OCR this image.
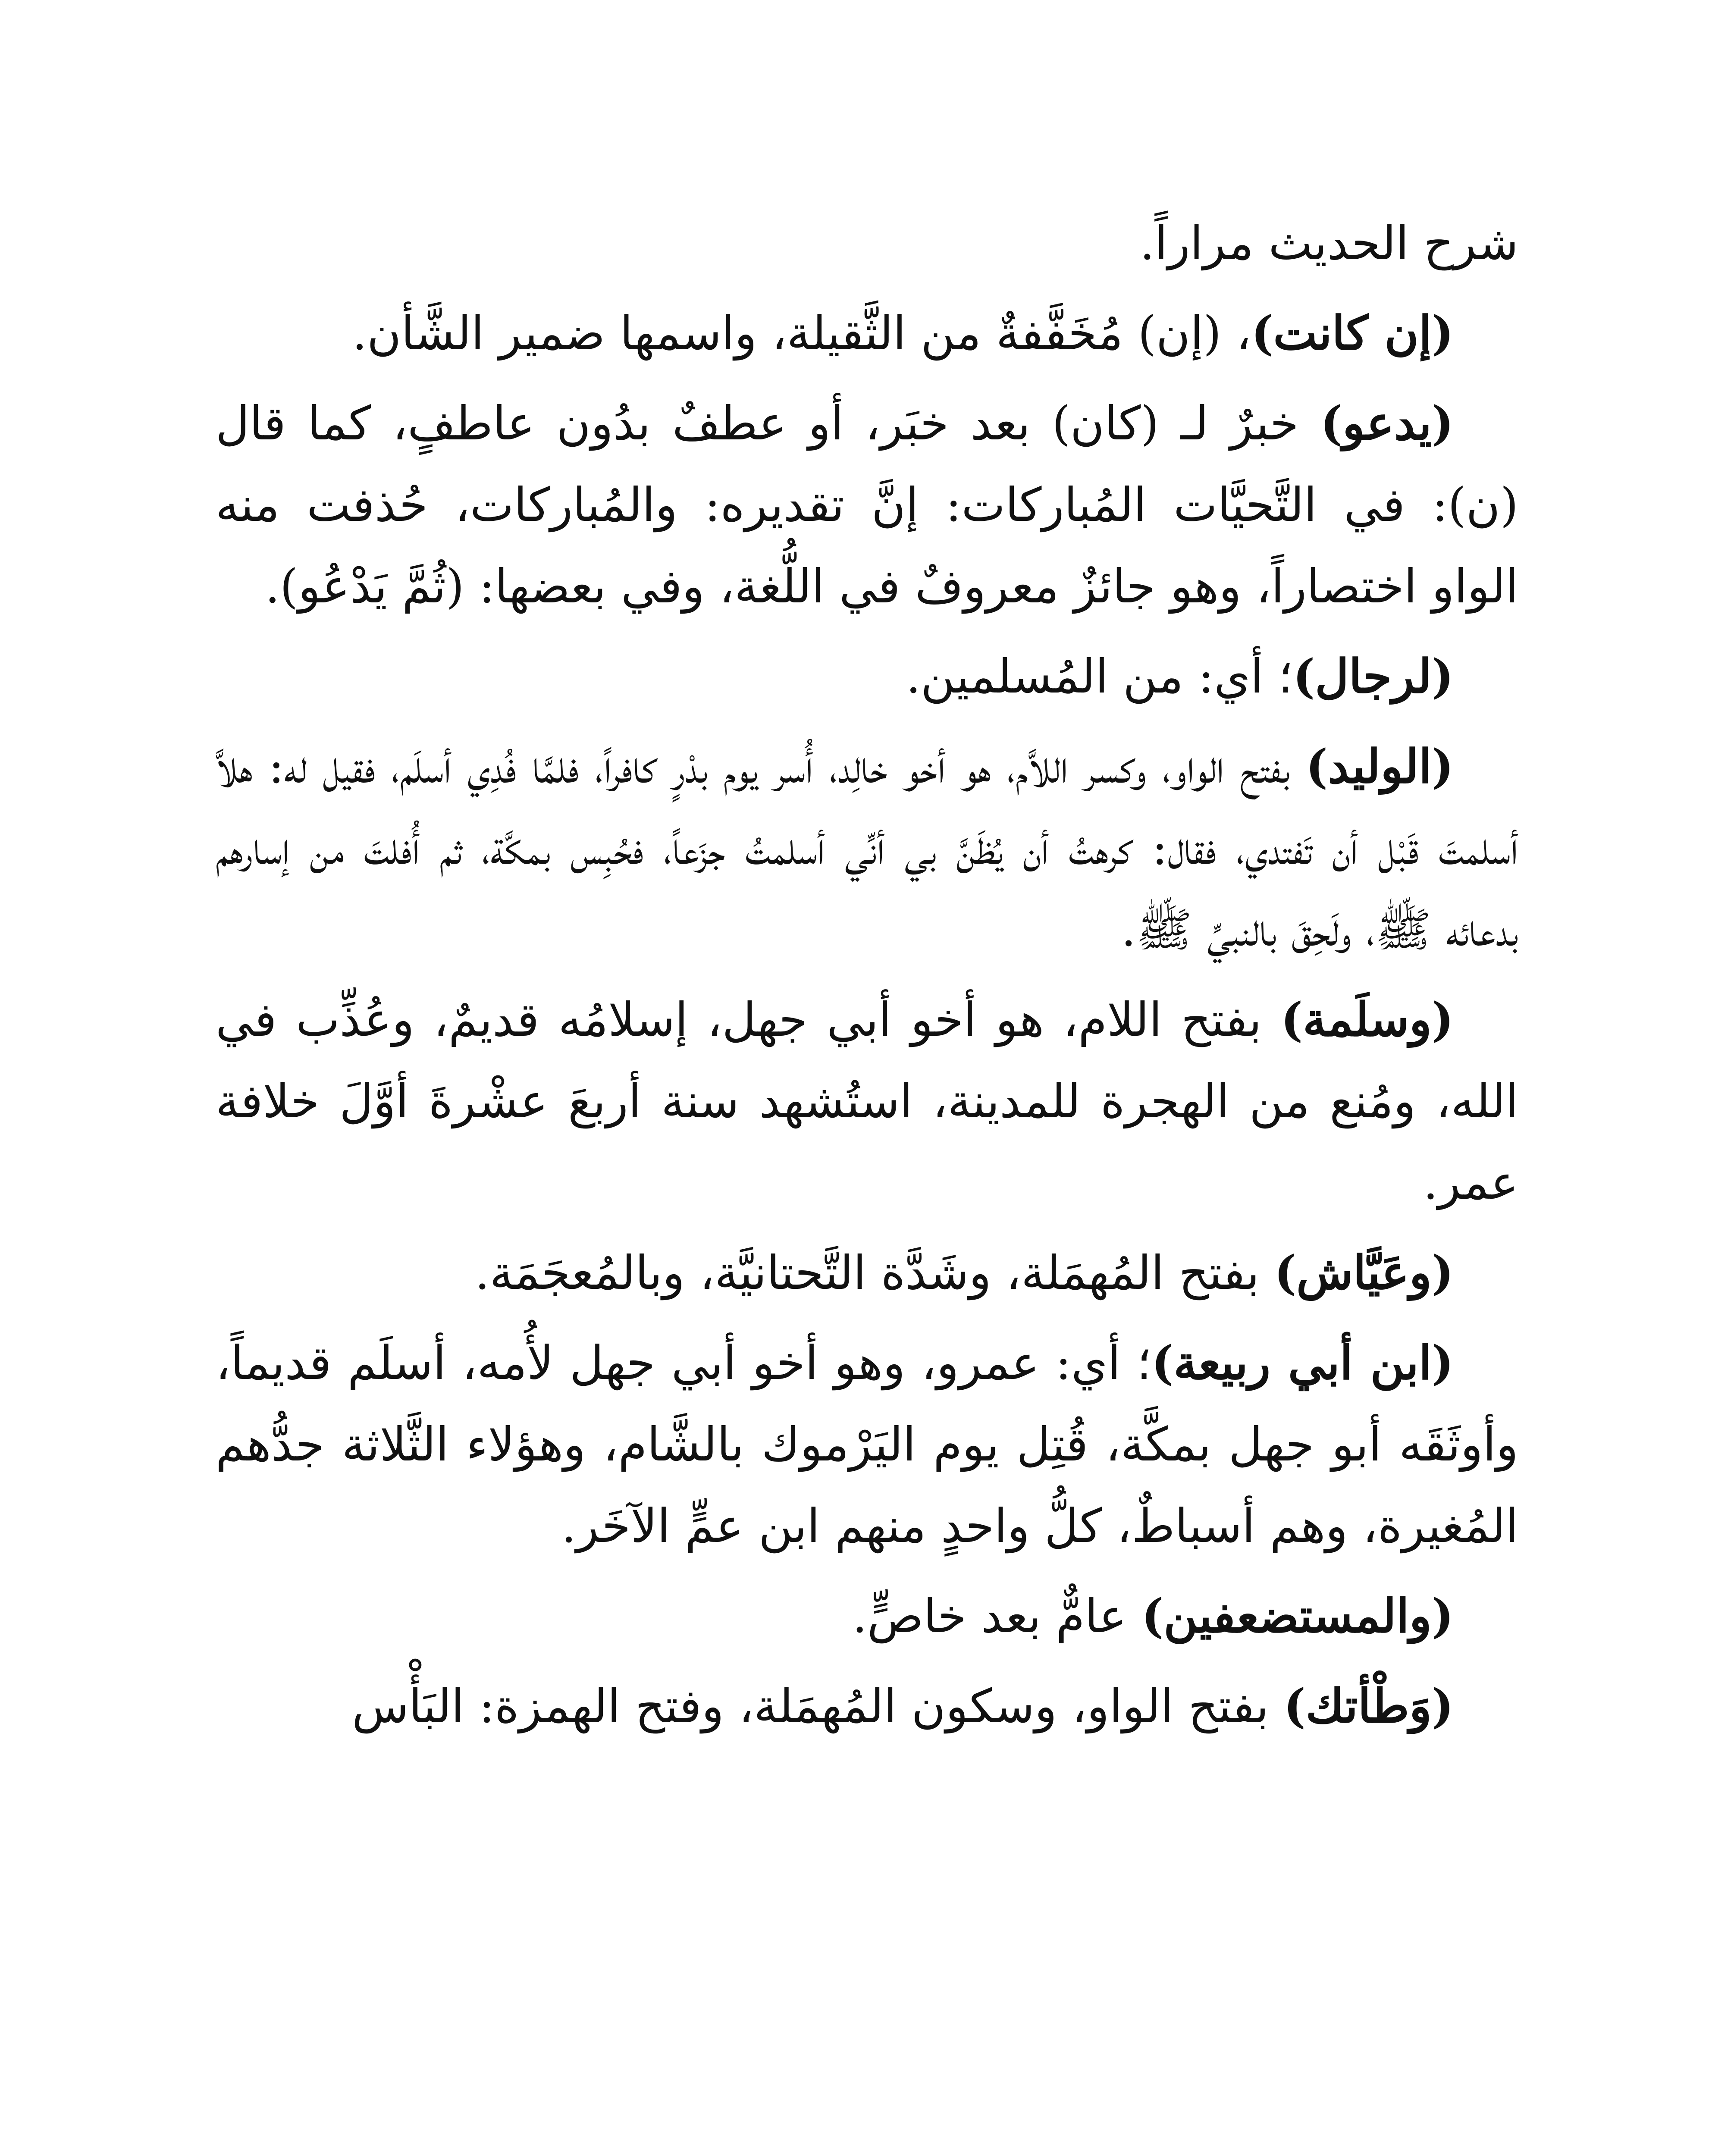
شرح الحديث مراراً.

(إن كانت)، (إن) مُخَفَّفةٌ من الثَّقيلة، واسمها ضمير الشَّأن.

(يدعو) خبرٌ لـ (كان) بعد خبَر، أو عطفٌ بدُون عاطفٍ، كما قال (ن): في التَّحيَّات المُباركات: إنَّ تقديره: والمُباركات، حُذفت منه الواو اختصاراً، وهو جائزٌ معروفٌ في اللُّغة، وفي بعضها: (ثُمَّ يَدْعُو).

(لرجال)؛ أي: من المُسلمين.

(الوليد) بفتح الواو، وكسر اللاَّم، هو أخو خالِد، أُسر يوم بدْرٍ كافراً، فلمَّا فُدِي أسلَم، فقيل له: هلاَّ أسلمتَ قَبْل أن تَفتدي، فقال: كرهتُ أن يُظَنَّ بي أنِّي أسلمتُ جزَعاً، فحُبِس بمكَّة، ثم أُفلتَ من إسارهم بدعائه ﷺ، ولَحِقَ بالنبيِّ ﷺ.

(وسلَمة) بفتح اللام، هو أخو أبي جهل، إسلامُه قديمٌ، وعُذِّب في الله، ومُنع من الهجرة للمدينة، استُشهد سنة أربعَ عشْرةَ أوَّلَ خلافة عمر.

(وعَيَّاش) بفتح المُهمَلة، وشَدَّة التَّحتانيَّة، وبالمُعجَمَة.

(ابن أبي ربيعة)؛ أي: عمرو، وهو أخو أبي جهل لأُمه، أسلَم قديماً، وأوثَقَه أبو جهل بمكَّة، قُتِل يوم اليَرْموك بالشَّام، وهؤلاء الثَّلاثة جدُّهم المُغيرة، وهم أسباطٌ، كلُّ واحدٍ منهم ابن عمٍّ الآخَر.

(والمستضعفين) عامٌّ بعد خاصٍّ.

(وَطْأتك) بفتح الواو، وسكون المُهمَلة، وفتح الهمزة: البَأْس
